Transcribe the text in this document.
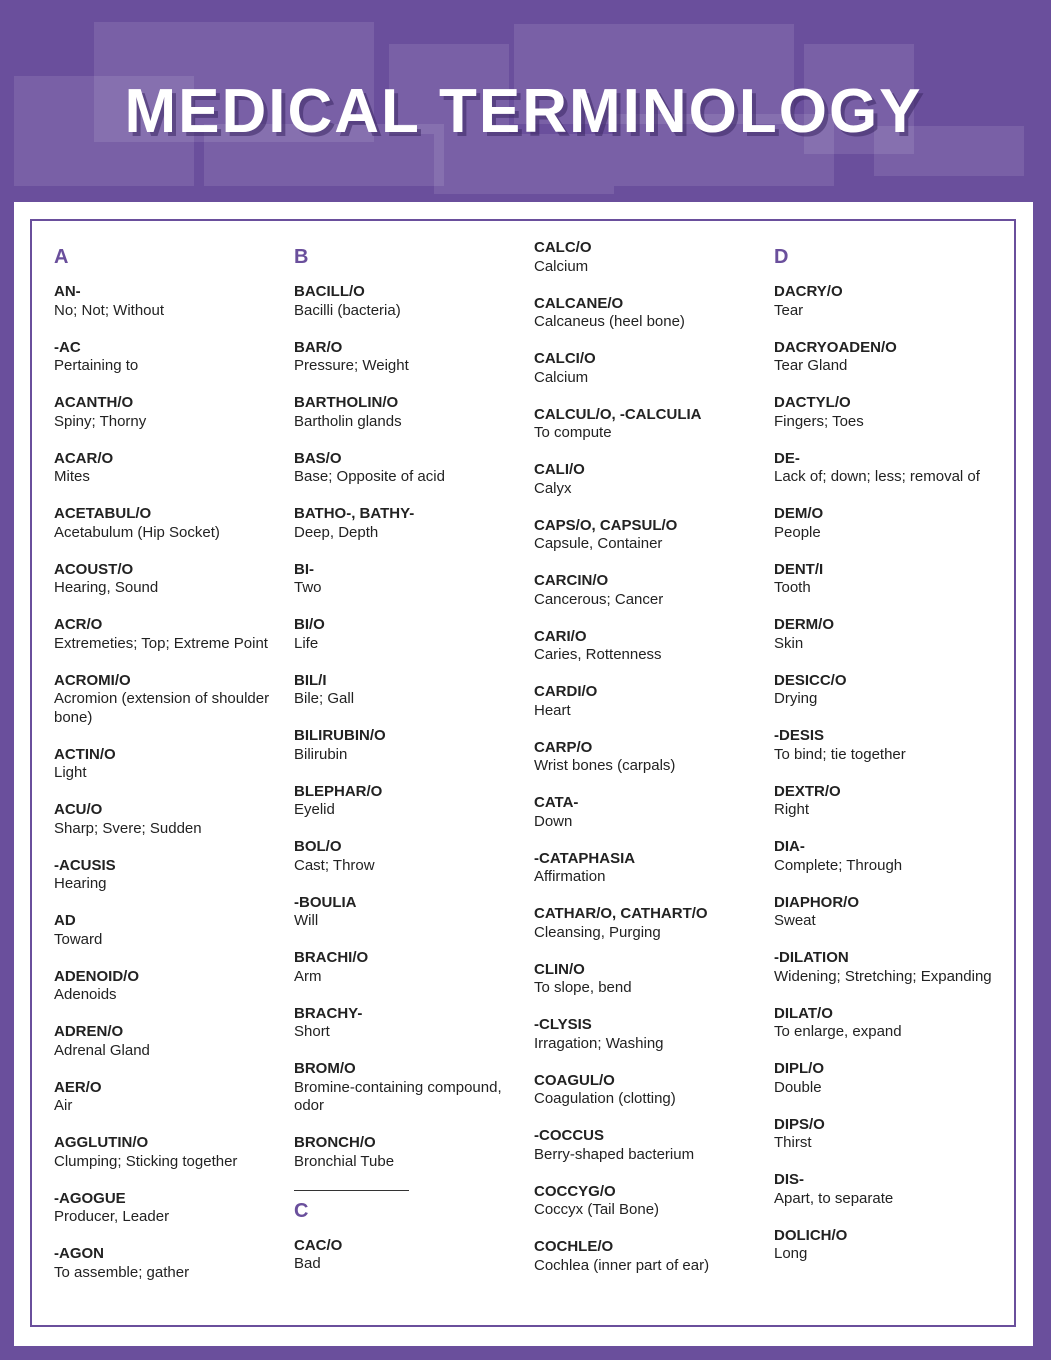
MEDICAL TERMINOLOGY
A
AN-
No; Not; Without
-AC
Pertaining to
ACANTH/O
Spiny; Thorny
ACAR/O
Mites
ACETABUL/O
Acetabulum (Hip Socket)
ACOUST/O
Hearing, Sound
ACR/O
Extremeties; Top; Extreme Point
ACROMI/O
Acromion (extension of shoulder bone)
ACTIN/O
Light
ACU/O
Sharp; Svere; Sudden
-ACUSIS
Hearing
AD
Toward
ADENOID/O
Adenoids
ADREN/O
Adrenal Gland
AER/O
Air
AGGLUTIN/O
Clumping; Sticking together
-AGOGUE
Producer, Leader
-AGON
To assemble; gather
B
BACILL/O
Bacilli (bacteria)
BAR/O
Pressure; Weight
BARTHOLIN/O
Bartholin glands
BAS/O
Base; Opposite of acid
BATHO-, BATHY-
Deep, Depth
BI-
Two
BI/O
Life
BIL/I
Bile; Gall
BILIRUBIN/O
Bilirubin
BLEPHAR/O
Eyelid
BOL/O
Cast; Throw
-BOULIA
Will
BRACHI/O
Arm
BRACHY-
Short
BROM/O
Bromine-containing compound, odor
BRONCH/O
Bronchial Tube
C
CAC/O
Bad
CALC/O
Calcium
CALCANE/O
Calcaneus (heel bone)
CALCI/O
Calcium
CALCUL/O, -CALCULIA
To compute
CALI/O
Calyx
CAPS/O, CAPSUL/O
Capsule, Container
CARCIN/O
Cancerous; Cancer
CARI/O
Caries, Rottenness
CARDI/O
Heart
CARP/O
Wrist bones (carpals)
CATA-
Down
-CATAPHASIA
Affirmation
CATHAR/O, CATHART/O
Cleansing, Purging
CLIN/O
To slope, bend
-CLYSIS
Irragation; Washing
COAGUL/O
Coagulation (clotting)
-COCCUS
Berry-shaped bacterium
COCCYG/O
Coccyx (Tail Bone)
COCHLE/O
Cochlea (inner part of ear)
D
DACRY/O
Tear
DACRYOADEN/O
Tear Gland
DACTYL/O
Fingers; Toes
DE-
Lack of; down; less; removal of
DEM/O
People
DENT/I
Tooth
DERM/O
Skin
DESICC/O
Drying
-DESIS
To bind; tie together
DEXTR/O
Right
DIA-
Complete; Through
DIAPHOR/O
Sweat
-DILATION
Widening; Stretching; Expanding
DILAT/O
To enlarge, expand
DIPL/O
Double
DIPS/O
Thirst
DIS-
Apart, to separate
DOLICH/O
Long
